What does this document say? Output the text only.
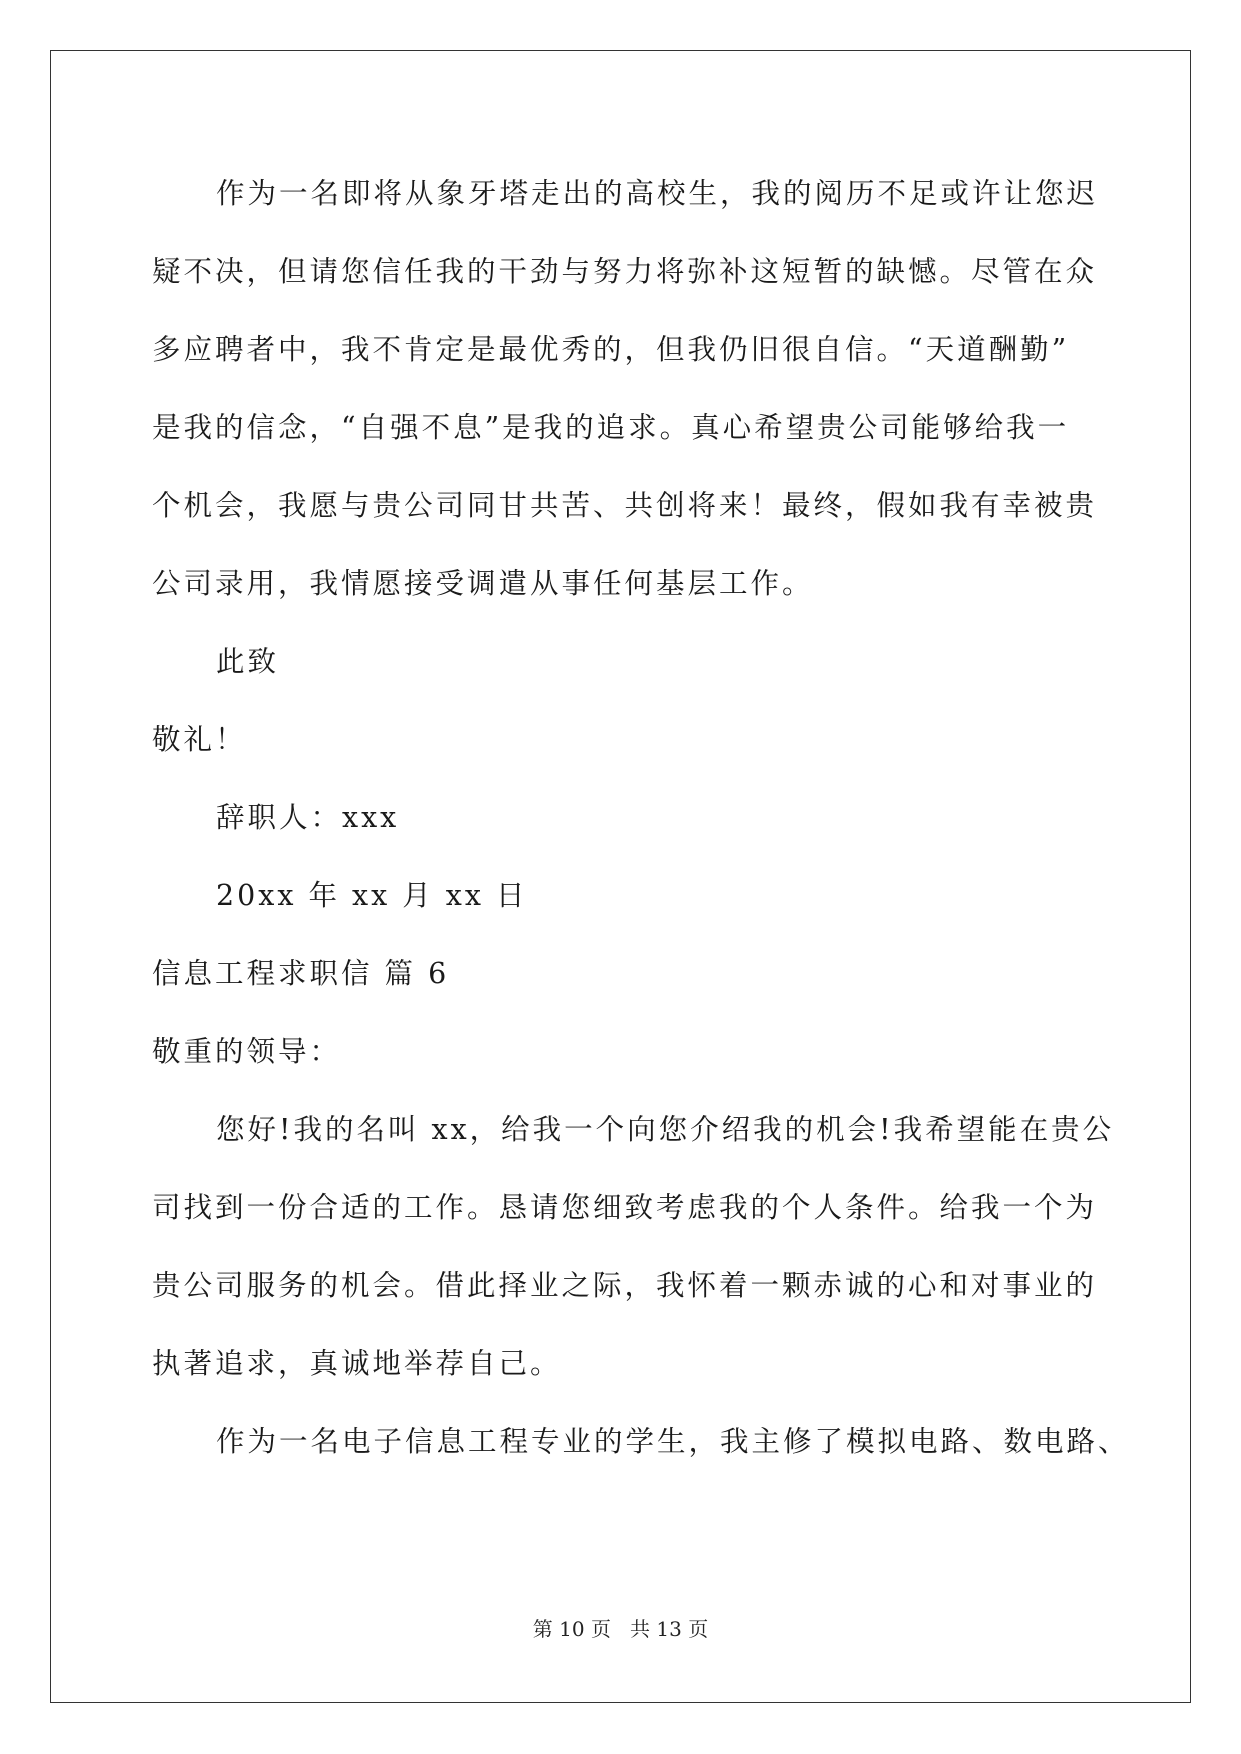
作为一名即将从象牙塔走出的高校生，我的阅历不足或许让您迟
疑不决，但请您信任我的干劲与努力将弥补这短暂的缺憾。尽管在众
多应聘者中，我不肯定是最优秀的，但我仍旧很自信。“天道酬勤”
是我的信念，“自强不息”是我的追求。真心希望贵公司能够给我一
个机会，我愿与贵公司同甘共苦、共创将来！最终，假如我有幸被贵
公司录用，我情愿接受调遣从事任何基层工作。
此致
敬礼！
辞职人：xxx
20xx 年 xx 月 xx 日
信息工程求职信 篇 6
敬重的领导：
您好!我的名叫 xx，给我一个向您介绍我的机会!我希望能在贵公
司找到一份合适的工作。恳请您细致考虑我的个人条件。给我一个为
贵公司服务的机会。借此择业之际，我怀着一颗赤诚的心和对事业的
执著追求，真诚地举荐自己。
作为一名电子信息工程专业的学生，我主修了模拟电路、数电路、
第 10 页   共 13 页
